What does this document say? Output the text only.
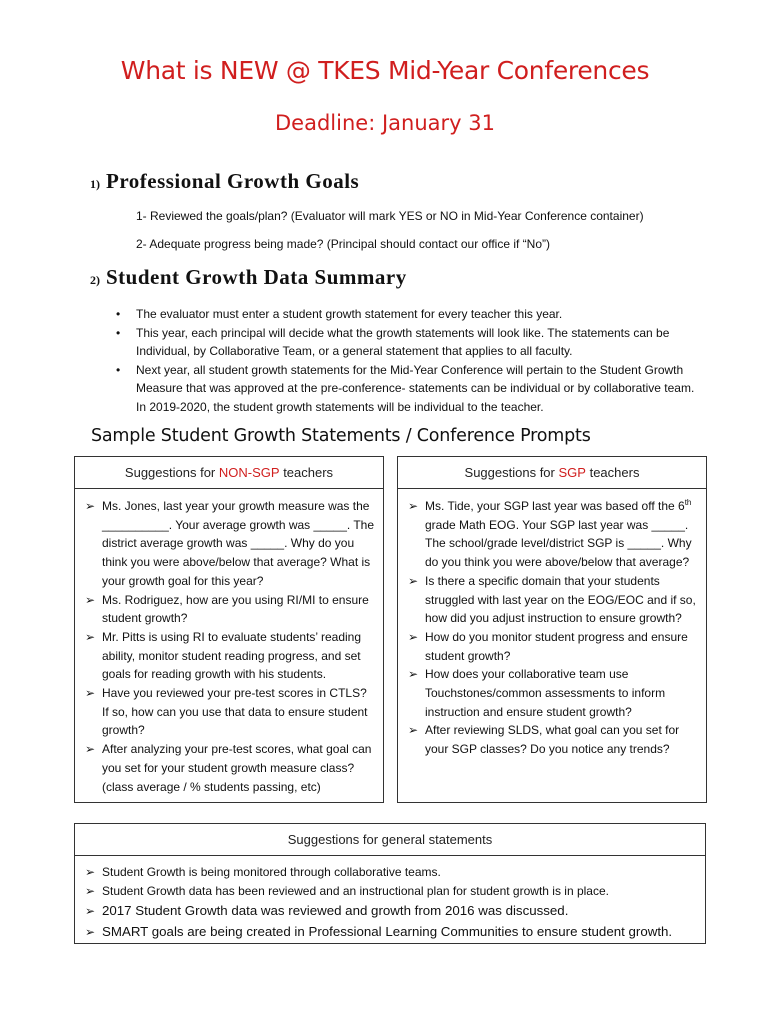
What is NEW @ TKES Mid-Year Conferences
Deadline: January 31
1) Professional Growth Goals
1- Reviewed the goals/plan? (Evaluator will mark YES or NO in Mid-Year Conference container)
2- Adequate progress being made? (Principal should contact our office if “No”)
2) Student Growth Data Summary
• The evaluator must enter a student growth statement for every teacher this year.
• This year, each principal will decide what the growth statements will look like. The statements can be Individual, by Collaborative Team, or a general statement that applies to all faculty.
• Next year, all student growth statements for the Mid-Year Conference will pertain to the Student Growth Measure that was approved at the pre-conference- statements can be individual or by collaborative team. In 2019-2020, the student growth statements will be individual to the teacher.
Sample Student Growth Statements / Conference Prompts
Suggestions for
NON-SGP
teachers
➢ Ms. Jones, last year your growth measure was the __________. Your average growth was _____. The district average growth was _____. Why do you think you were above/below that average? What is your growth goal for this year?
➢ Ms. Rodriguez, how are you using RI/MI to ensure student growth?
➢ Mr. Pitts is using RI to evaluate students’ reading ability, monitor student reading progress, and set goals for reading growth with his students.
➢ Have you reviewed your pre-test scores in CTLS? If so, how can you use that data to ensure student growth?
➢ After analyzing your pre-test scores, what goal can you set for your student growth measure class? (class average / % students passing, etc)
Suggestions for
SGP
teachers
➢ Ms. Tide, your SGP last year was based off the 6th grade Math EOG. Your SGP last year was _____. The school/grade level/district SGP is _____. Why do you think you were above/below that average?
➢ Is there a specific domain that your students struggled with last year on the EOG/EOC and if so, how did you adjust instruction to ensure growth?
➢ How do you monitor student progress and ensure student growth?
➢ How does your collaborative team use Touchstones/common assessments to inform instruction and ensure student growth?
➢ After reviewing SLDS, what goal can you set for your SGP classes? Do you notice any trends?
Suggestions for general statements
➢ Student Growth is being monitored through collaborative teams.
➢ Student Growth data has been reviewed and an instructional plan for student growth is in place.
➢ 2017 Student Growth data was reviewed and growth from 2016 was discussed.
➢ SMART goals are being created in Professional Learning Communities to ensure student growth.
